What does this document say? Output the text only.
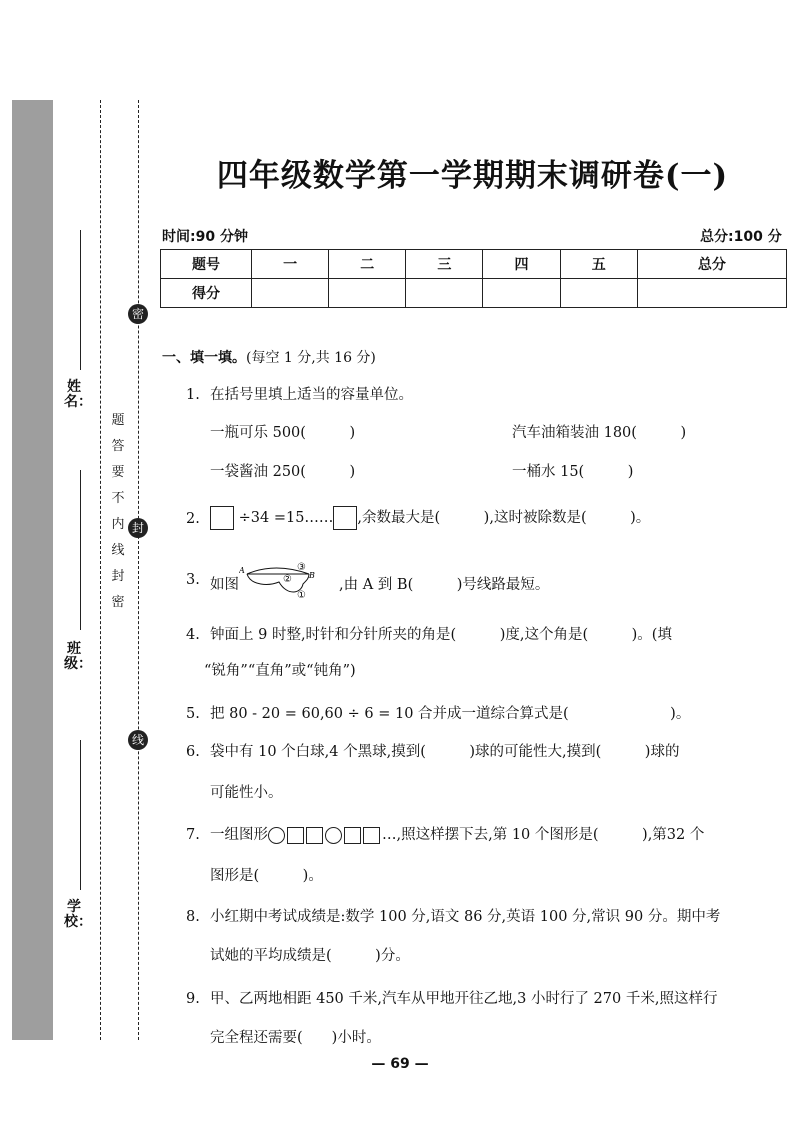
姓名：
班级：
学校：
密
封
线
题
答
要
不
内
线
封
密
四年级数学第一学期期末调研卷(一)
时间:90 分钟	总分:100 分
题号	一	二	三	四	五	总分
得分						
一、填一填。(每空 1 分,共 16 分)
1. 在括号里填上适当的容量单位。
一瓶可乐 500(　　　)	汽车油箱装油 180(　　　)
一袋酱油 250(　　　)	一桶水 15(　　　)
2.	÷34 =15…… ,余数最大是(　　　),这时被除数是(　　　)。
3. 如图
A
B
③
②
①
,由 A 到 B(　　　)号线路最短。
4. 钟面上 9 时整,时针和分针所夹的角是(　　　)度,这个角是(　　　)。(填
“锐角”“直角”或“钝角”)
5. 把 80 - 20 = 60,60 ÷ 6 = 10 合并成一道综合算式是(　　　　　　　)。
6. 袋中有 10 个白球,4 个黑球,摸到(　　　)球的可能性大,摸到(　　　)球的
可能性小。
7. 一组图形	…,照这样摆下去,第 10 个图形是(　　　),第32 个
图形是(　　　)。
8. 小红期中考试成绩是:数学 100 分,语文 86 分,英语 100 分,常识 90 分。期中考
试她的平均成绩是(　　　)分。
9. 甲、乙两地相距 450 千米,汽车从甲地开往乙地,3 小时行了 270 千米,照这样行
完全程还需要(　　)小时。
— 69 —
